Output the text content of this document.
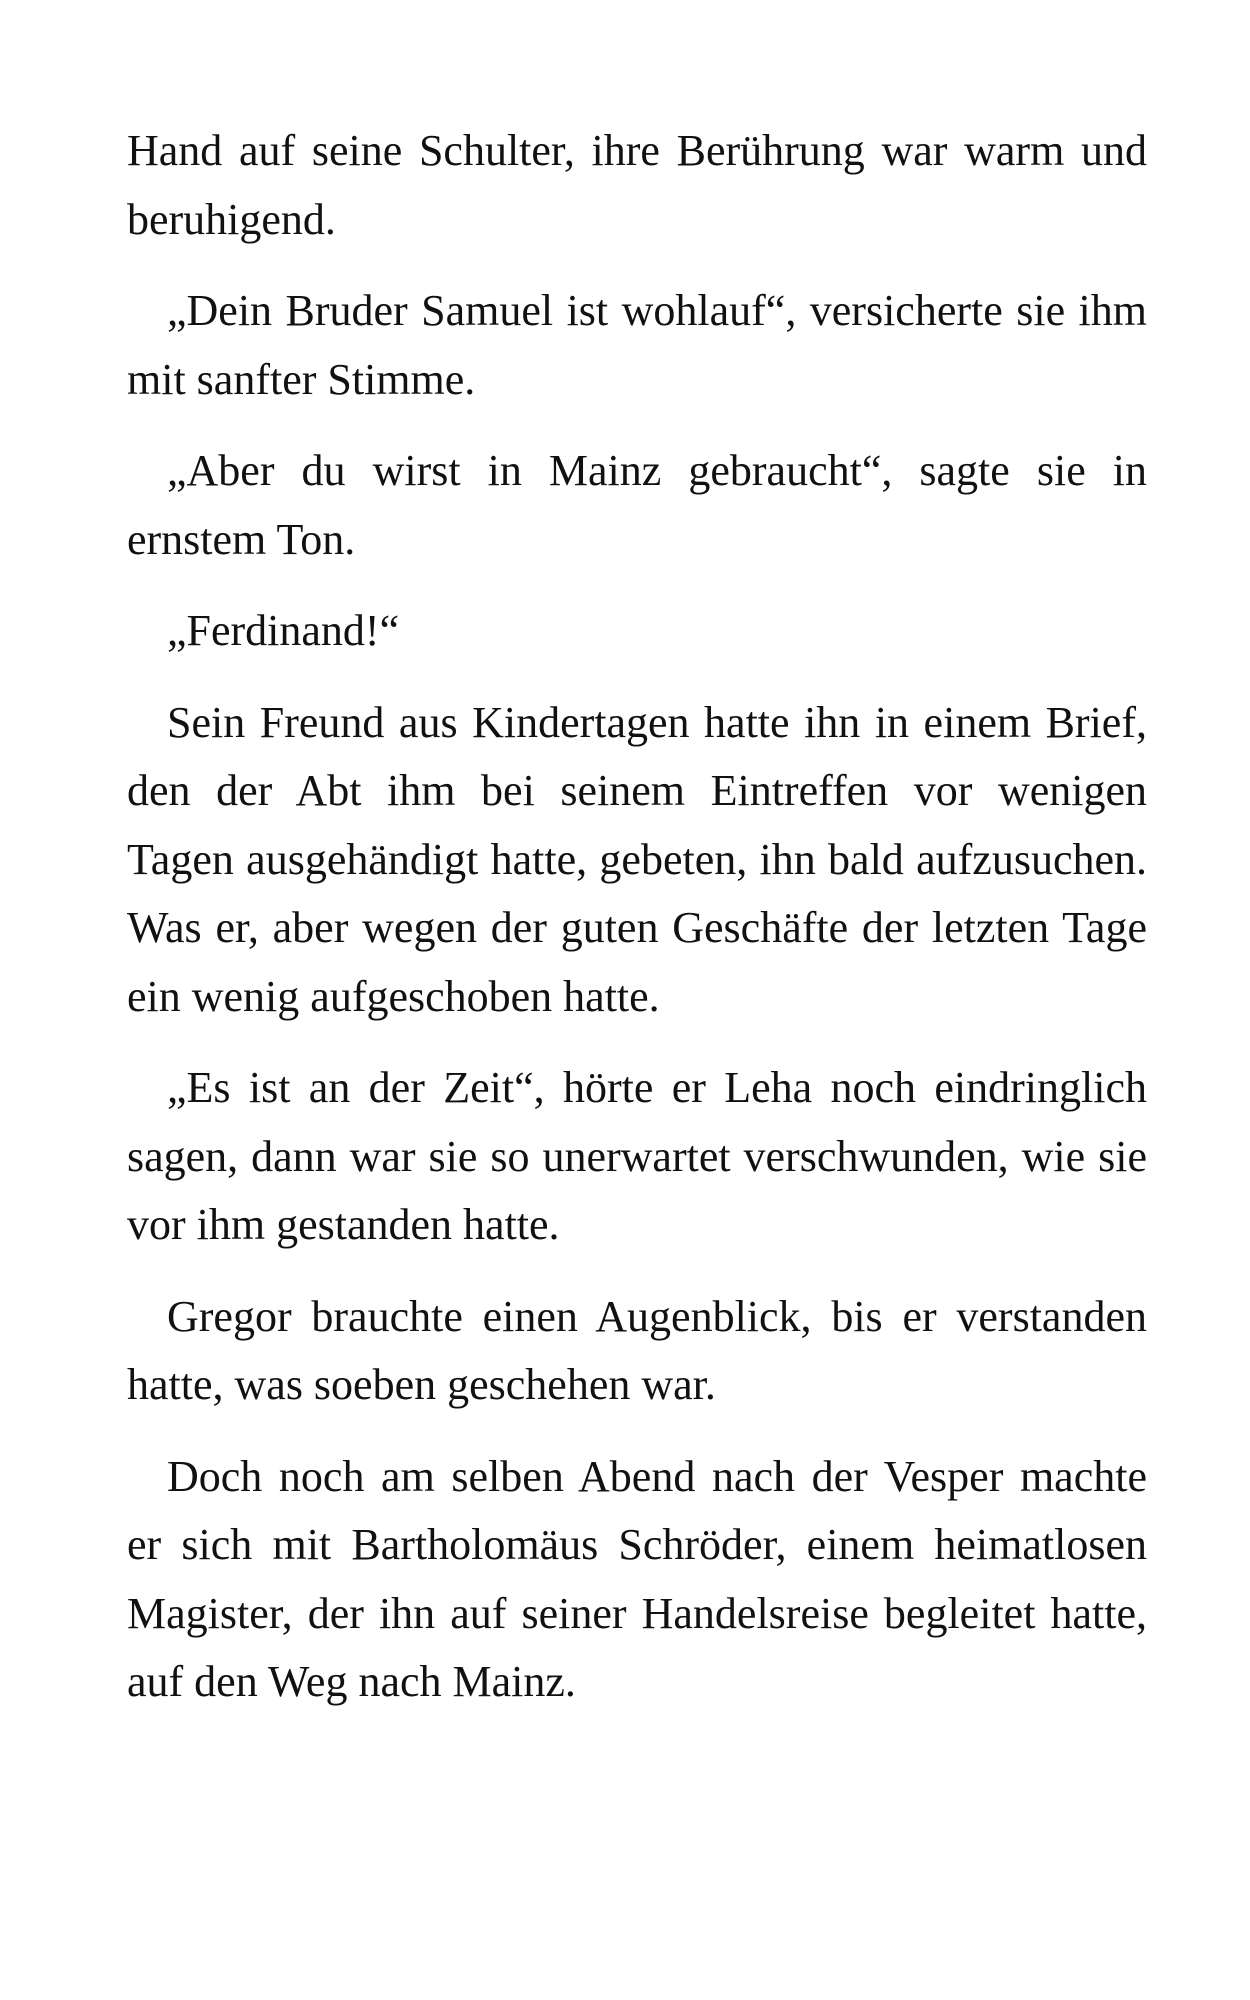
Hand auf seine Schulter, ihre Berührung war warm und beruhigend.

„Dein Bruder Samuel ist wohlauf“, versicherte sie ihm mit sanfter Stimme.

„Aber du wirst in Mainz gebraucht“, sagte sie in ernstem Ton.

„Ferdinand!“

Sein Freund aus Kindertagen hatte ihn in einem Brief, den der Abt ihm bei seinem Eintreffen vor wenigen Tagen ausgehändigt hatte, gebeten, ihn bald aufzusuchen. Was er, aber wegen der guten Geschäfte der letzten Tage ein wenig aufgeschoben hatte.

„Es ist an der Zeit“, hörte er Leha noch eindringlich sagen, dann war sie so unerwartet verschwunden, wie sie vor ihm gestanden hatte.

Gregor brauchte einen Augenblick, bis er verstanden hatte, was soeben geschehen war.

Doch noch am selben Abend nach der Vesper machte er sich mit Bartholomäus Schröder, einem heimatlosen Magister, der ihn auf seiner Handelsreise begleitet hatte, auf den Weg nach Mainz.
